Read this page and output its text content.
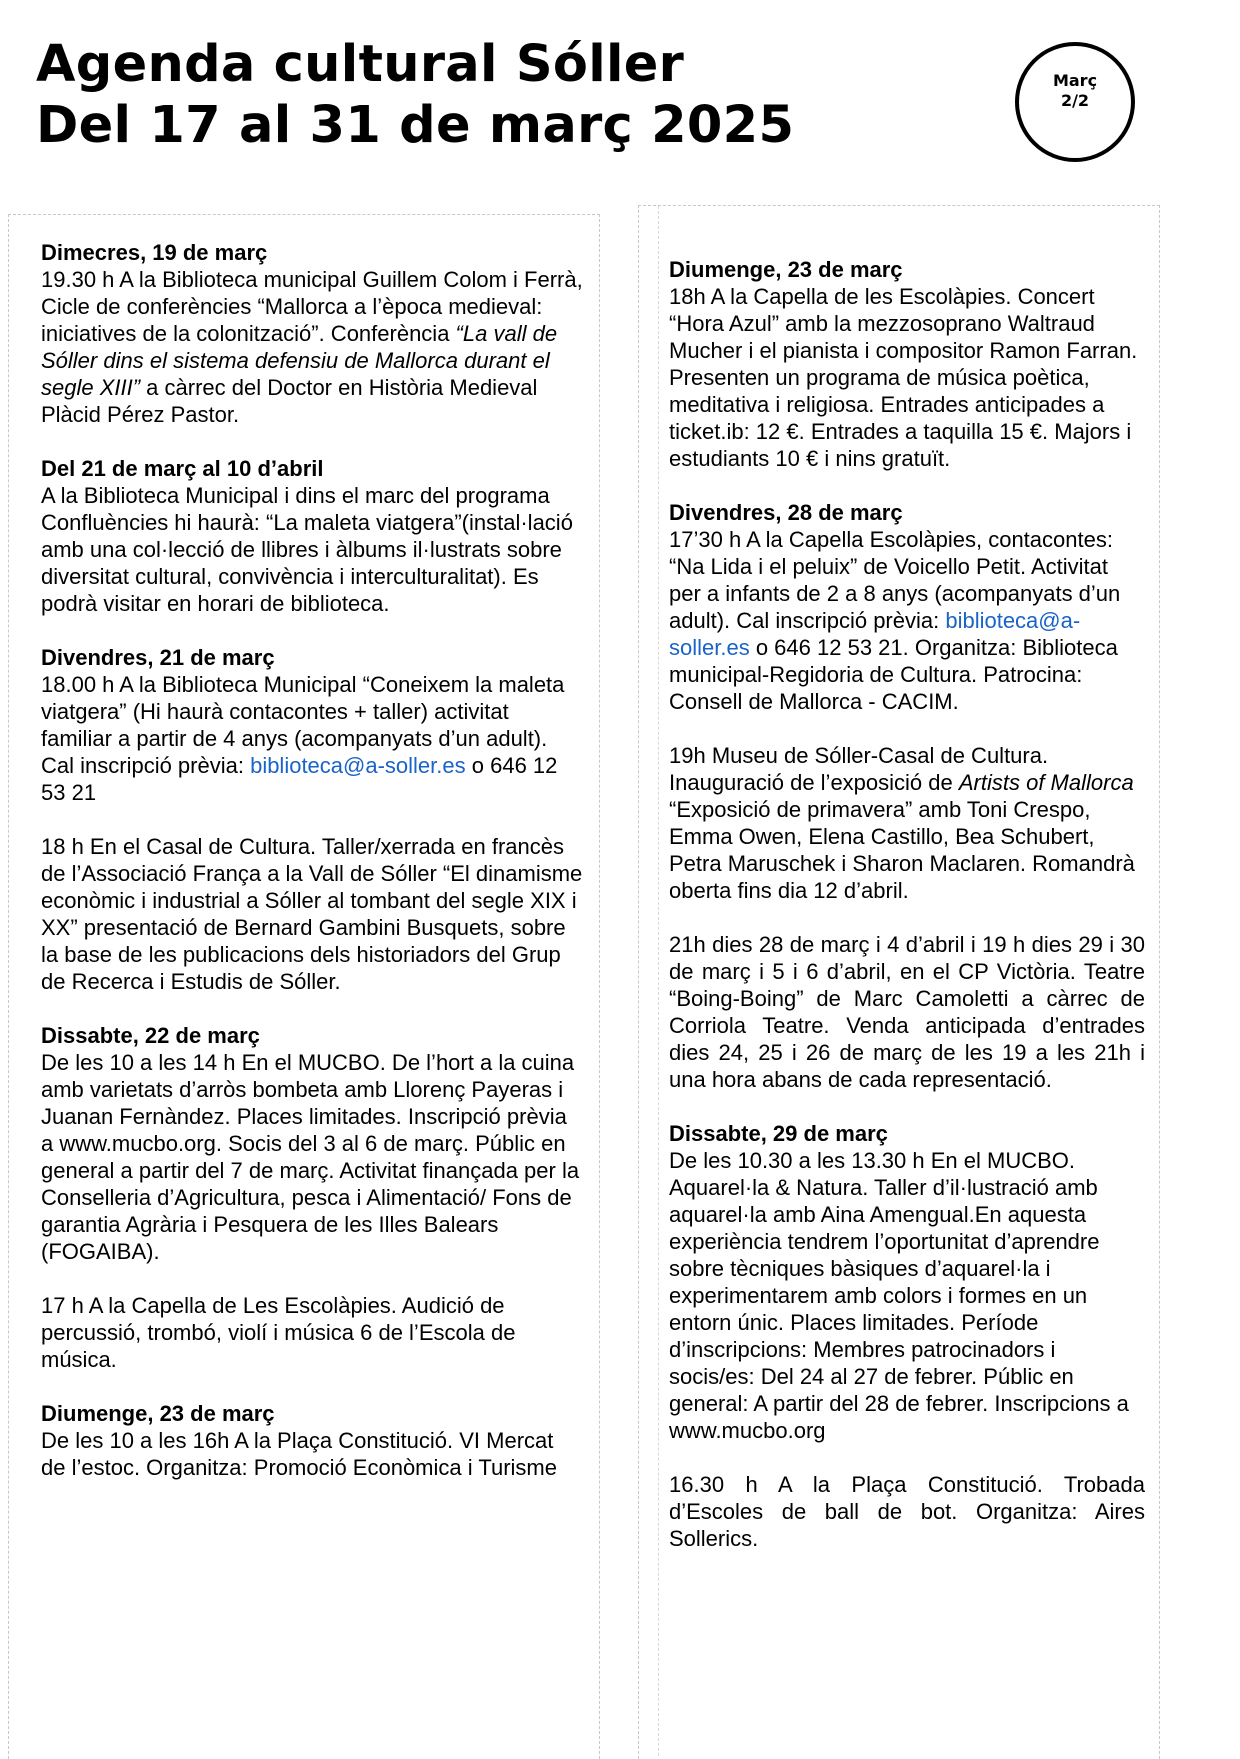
Agenda cultural Sóller
Del 17 al 31 de març 2025
Març
2/2
Dimecres, 19 de març

19.30 h A la Biblioteca municipal Guillem Colom i Ferrà, Cicle de conferències “Mallorca a l’època medieval: iniciatives de la colonització”. Conferència “La vall de Sóller dins el sistema defensiu de Mallorca durant el segle XIII” a càrrec del Doctor en Història Medieval Plàcid Pérez Pastor.

Del 21 de març al 10 d’abril

A la Biblioteca Municipal i dins el marc del programa Confluències hi haurà: “La maleta viatgera”(instal·lació amb una col·lecció de llibres i àlbums il·lustrats sobre diversitat cultural, convivència i interculturalitat). Es podrà visitar en horari de biblioteca.

Divendres, 21 de març

18.00 h A la Biblioteca Municipal “Coneixem la maleta viatgera” (Hi haurà contacontes + taller) activitat familiar a partir de 4 anys (acompanyats d’un adult). Cal inscripció prèvia: biblioteca@a-soller.es o 646 12 53 21

18 h En el Casal de Cultura. Taller/xerrada en francès de l’Associació França a la Vall de Sóller “El dinamisme econòmic i industrial a Sóller al tombant del segle XIX i XX” presentació de Bernard Gambini Busquets, sobre la base de les publicacions dels historiadors del Grup de Recerca i Estudis de Sóller.

Dissabte, 22 de març

De les 10 a les 14 h En el MUCBO. De l’hort a la cuina amb varietats d’arròs bombeta amb Llorenç Payeras i Juanan Fernàndez. Places limitades. Inscripció prèvia a www.mucbo.org. Socis del 3 al 6 de març. Públic en general a partir del 7 de març. Activitat finançada per la Conselleria d’Agricultura, pesca i Alimentació/ Fons de garantia Agrària i Pesquera de les Illes Balears (FOGAIBA).

17 h A la Capella de Les Escolàpies. Audició de percussió, trombó, violí i música 6 de l’Escola de música.

Diumenge, 23 de març

De les 10 a les 16h A la Plaça Constitució. VI Mercat de l’estoc. Organitza: Promoció Econòmica i Turisme

Diumenge, 23 de març

18h A la Capella de les Escolàpies. Concert “Hora Azul” amb la mezzosoprano Waltraud Mucher i el pianista i compositor Ramon Farran. Presenten un programa de música poètica, meditativa i religiosa. Entrades anticipades a ticket.ib: 12 €. Entrades a taquilla 15 €. Majors i estudiants 10 € i nins gratuït.

Divendres, 28 de març

17’30 h A la Capella Escolàpies, contacontes: “Na Lida i el peluix” de Voicello Petit. Activitat per a infants de 2 a 8 anys (acompanyats d’un adult). Cal inscripció prèvia: biblioteca@a-soller.es o 646 12 53 21. Organitza: Biblioteca municipal-Regidoria de Cultura. Patrocina: Consell de Mallorca - CACIM.

19h Museu de Sóller-Casal de Cultura. Inauguració de l’exposició de Artists of Mallorca “Exposició de primavera” amb Toni Crespo, Emma Owen, Elena Castillo, Bea Schubert, Petra Maruschek i Sharon Maclaren. Romandrà oberta fins dia 12 d’abril.

21h dies 28 de març i 4 d’abril i 19 h dies 29 i 30 de març i 5 i 6 d’abril, en el CP Victòria. Teatre “Boing-Boing” de Marc Camoletti a càrrec de Corriola Teatre. Venda anticipada d’entrades dies 24, 25 i 26 de març de les 19 a les 21h i una hora abans de cada representació.

Dissabte, 29 de març

De les 10.30 a les 13.30 h En el MUCBO. Aquarel·la & Natura. Taller d’il·lustració amb aquarel·la amb Aina Amengual.En aquesta experiència tendrem l’oportunitat d’aprendre sobre tècniques bàsiques d’aquarel·la i experimentarem amb colors i formes en un entorn únic. Places limitades. Període d’inscripcions: Membres patrocinadors i socis/es: Del 24 al 27 de febrer. Públic en general: A partir del 28 de febrer. Inscripcions a www.mucbo.org

16.30 h A la Plaça Constitució. Trobada d’Escoles de ball de bot. Organitza: Aires Sollerics.
